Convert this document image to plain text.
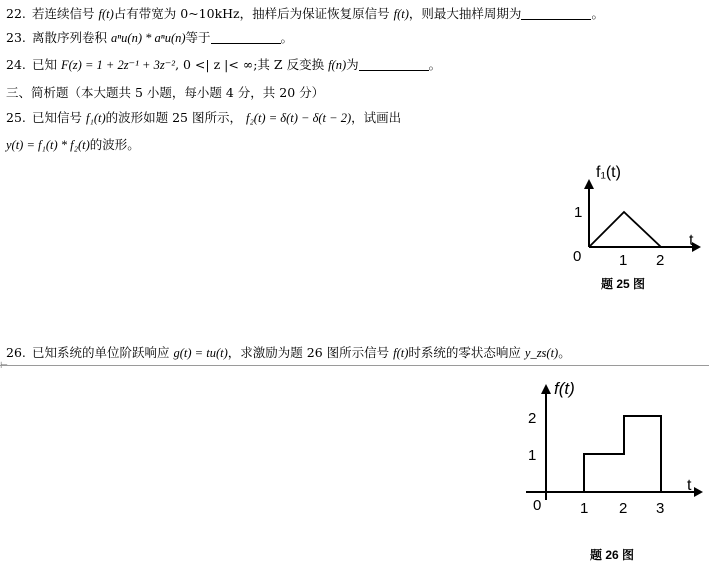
22. 若连续信号 f(t)占有带宽为 0~10kHz，抽样后为保证恢复原信号 f(t)，则最大抽样周期为	。
23. 离散序列卷积 aⁿu(n) * aⁿu(n)等于	。
24. 已知 F(z) = 1 + 2z⁻¹ + 3z⁻², 0 <| z |< ∞;其 Z 反变换 f(n)为	。
三、简析题（本大题共 5 小题，每小题 4 分，共 20 分）
25. 已知信号 f₁(t)的波形如题 25 图所示， f₂(t) = δ(t) − δ(t − 2)，试画出
y(t) = f₁(t) * f₂(t)的波形。
f₁(t)
t
1
0	1 2
题 25 图
26. 已知系统的单位阶跃响应 g(t) = tu(t)，求激励为题 26 图所示信号 f(t)时系统的零状态响应 y_zs(t)。
⊢
f(t)
t
2
1
0	1 2 3
题 26 图
